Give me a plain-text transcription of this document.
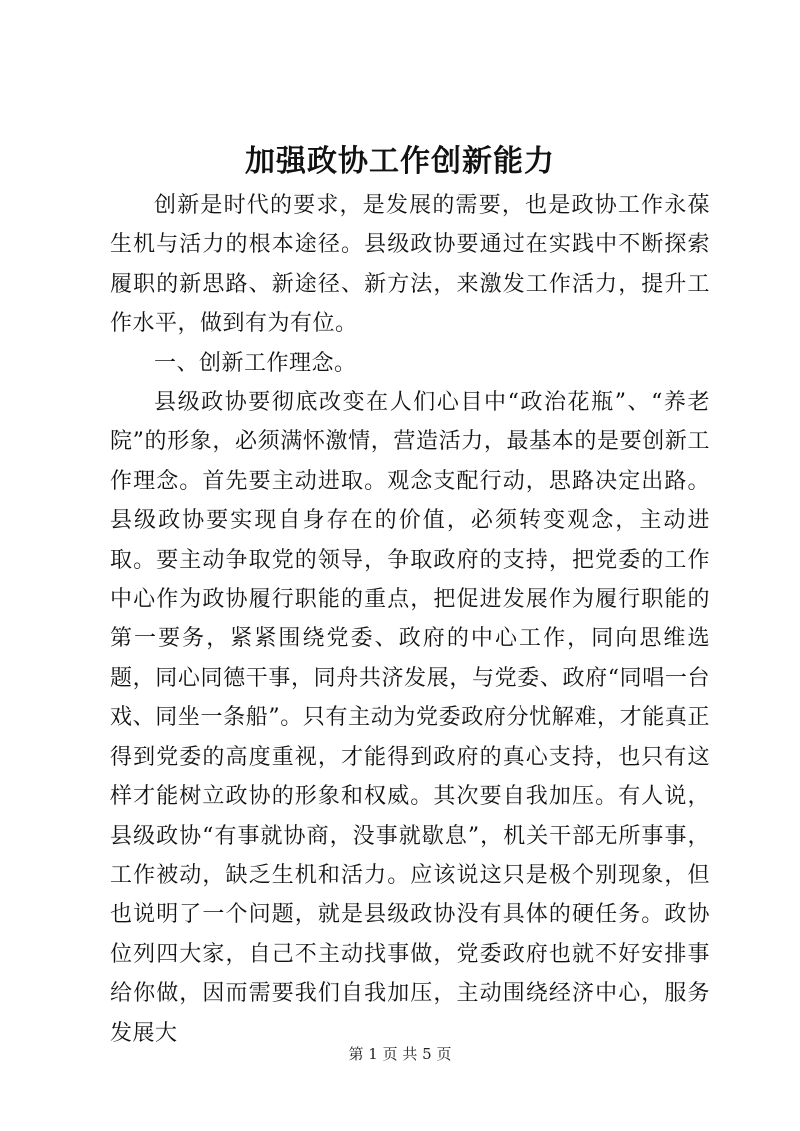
加强政协工作创新能力

创新是时代的要求，是发展的需要，也是政协工作永葆生机与活力的根本途径。县级政协要通过在实践中不断探索履职的新思路、新途径、新方法，来激发工作活力，提升工作水平，做到有为有位。

一、创新工作理念。

县级政协要彻底改变在人们心目中“政治花瓶”、“养老院”的形象，必须满怀激情，营造活力，最基本的是要创新工作理念。首先要主动进取。观念支配行动，思路决定出路。县级政协要实现自身存在的价值，必须转变观念，主动进取。要主动争取党的领导，争取政府的支持，把党委的工作中心作为政协履行职能的重点，把促进发展作为履行职能的第一要务，紧紧围绕党委、政府的中心工作，同向思维选题，同心同德干事，同舟共济发展，与党委、政府“同唱一台戏、同坐一条船”。只有主动为党委政府分忧解难，才能真正得到党委的高度重视，才能得到政府的真心支持，也只有这样才能树立政协的形象和权威。其次要自我加压。有人说，县级政协“有事就协商，没事就歇息”，机关干部无所事事，工作被动，缺乏生机和活力。应该说这只是极个别现象，但也说明了一个问题，就是县级政协没有具体的硬任务。政协位列四大家，自己不主动找事做，党委政府也就不好安排事给你做，因而需要我们自我加压，主动围绕经济中心，服务发展大

第 1 页 共 5 页
